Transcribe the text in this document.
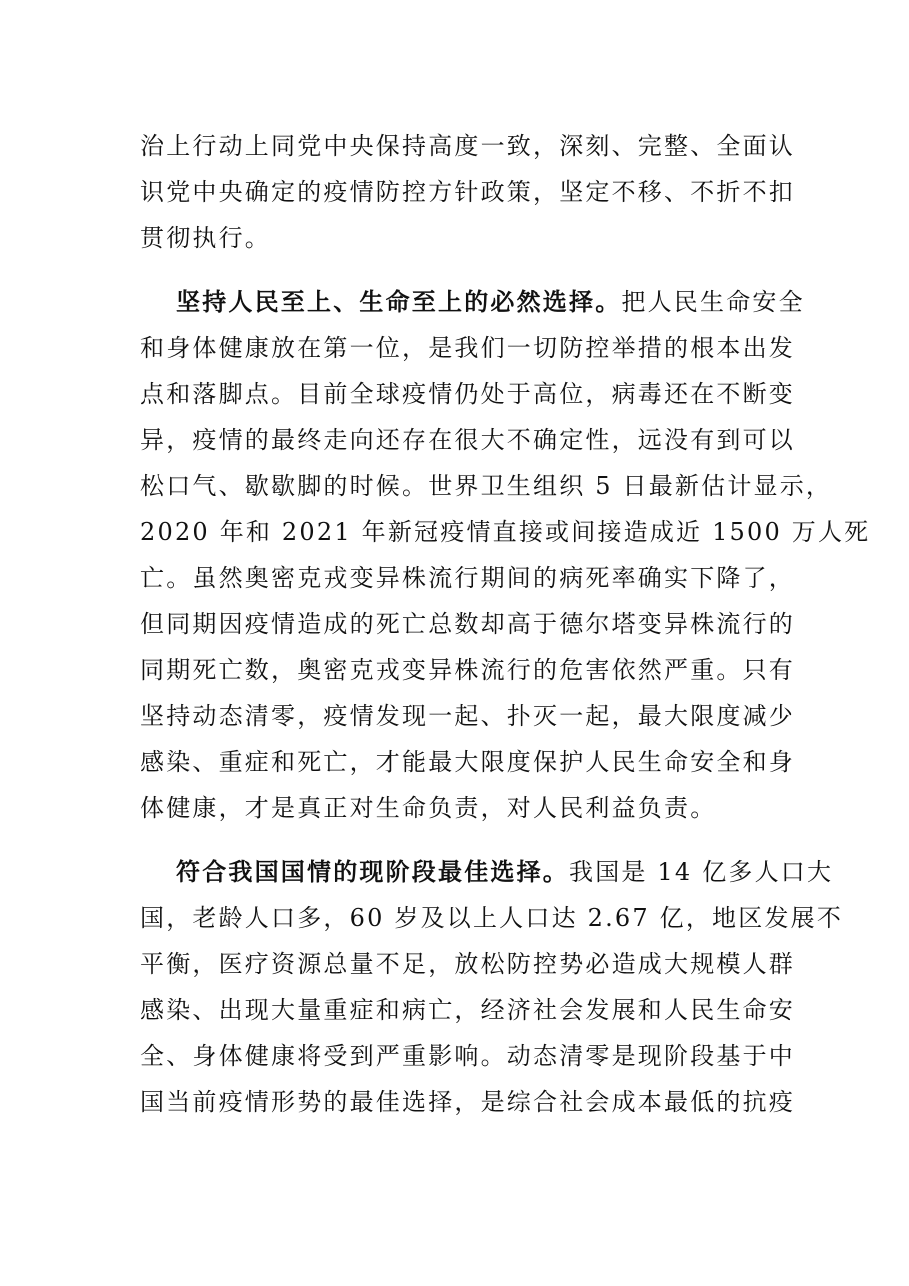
治上行动上同党中央保持高度一致，深刻、完整、全面认
识党中央确定的疫情防控方针政策，坚定不移、不折不扣
贯彻执行。
坚持人民至上、生命至上的必然选择。把人民生命安全
和身体健康放在第一位，是我们一切防控举措的根本出发
点和落脚点。目前全球疫情仍处于高位，病毒还在不断变
异，疫情的最终走向还存在很大不确定性，远没有到可以
松口气、歇歇脚的时候。世界卫生组织 5 日最新估计显示，
2020 年和 2021 年新冠疫情直接或间接造成近 1500 万人死
亡。虽然奥密克戎变异株流行期间的病死率确实下降了，
但同期因疫情造成的死亡总数却高于德尔塔变异株流行的
同期死亡数，奥密克戎变异株流行的危害依然严重。只有
坚持动态清零，疫情发现一起、扑灭一起，最大限度减少
感染、重症和死亡，才能最大限度保护人民生命安全和身
体健康，才是真正对生命负责，对人民利益负责。
符合我国国情的现阶段最佳选择。我国是 14 亿多人口大
国，老龄人口多，60 岁及以上人口达 2.67 亿，地区发展不
平衡，医疗资源总量不足，放松防控势必造成大规模人群
感染、出现大量重症和病亡，经济社会发展和人民生命安
全、身体健康将受到严重影响。动态清零是现阶段基于中
国当前疫情形势的最佳选择，是综合社会成本最低的抗疫
